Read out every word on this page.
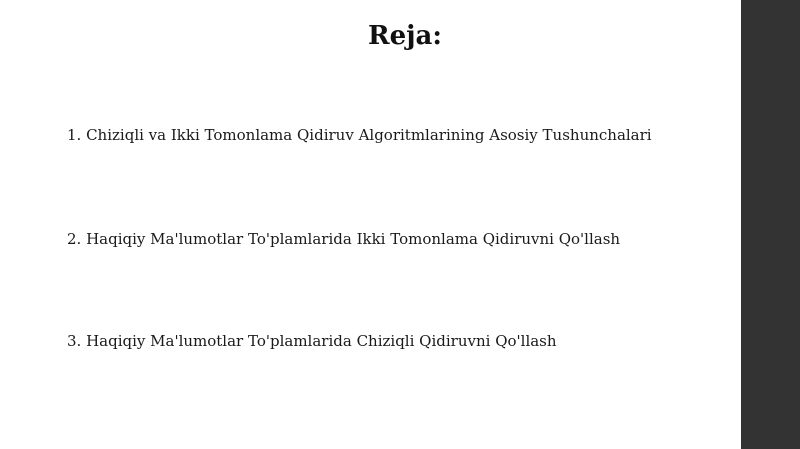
Reja:
1. Chiziqli va Ikki Tomonlama Qidiruv Algoritmlarining Asosiy Tushunchalari
2. Haqiqiy Ma'lumotlar To'plamlarida Ikki Tomonlama Qidiruvni Qo'llash
3. Haqiqiy Ma'lumotlar To'plamlarida Chiziqli Qidiruvni Qo'llash
